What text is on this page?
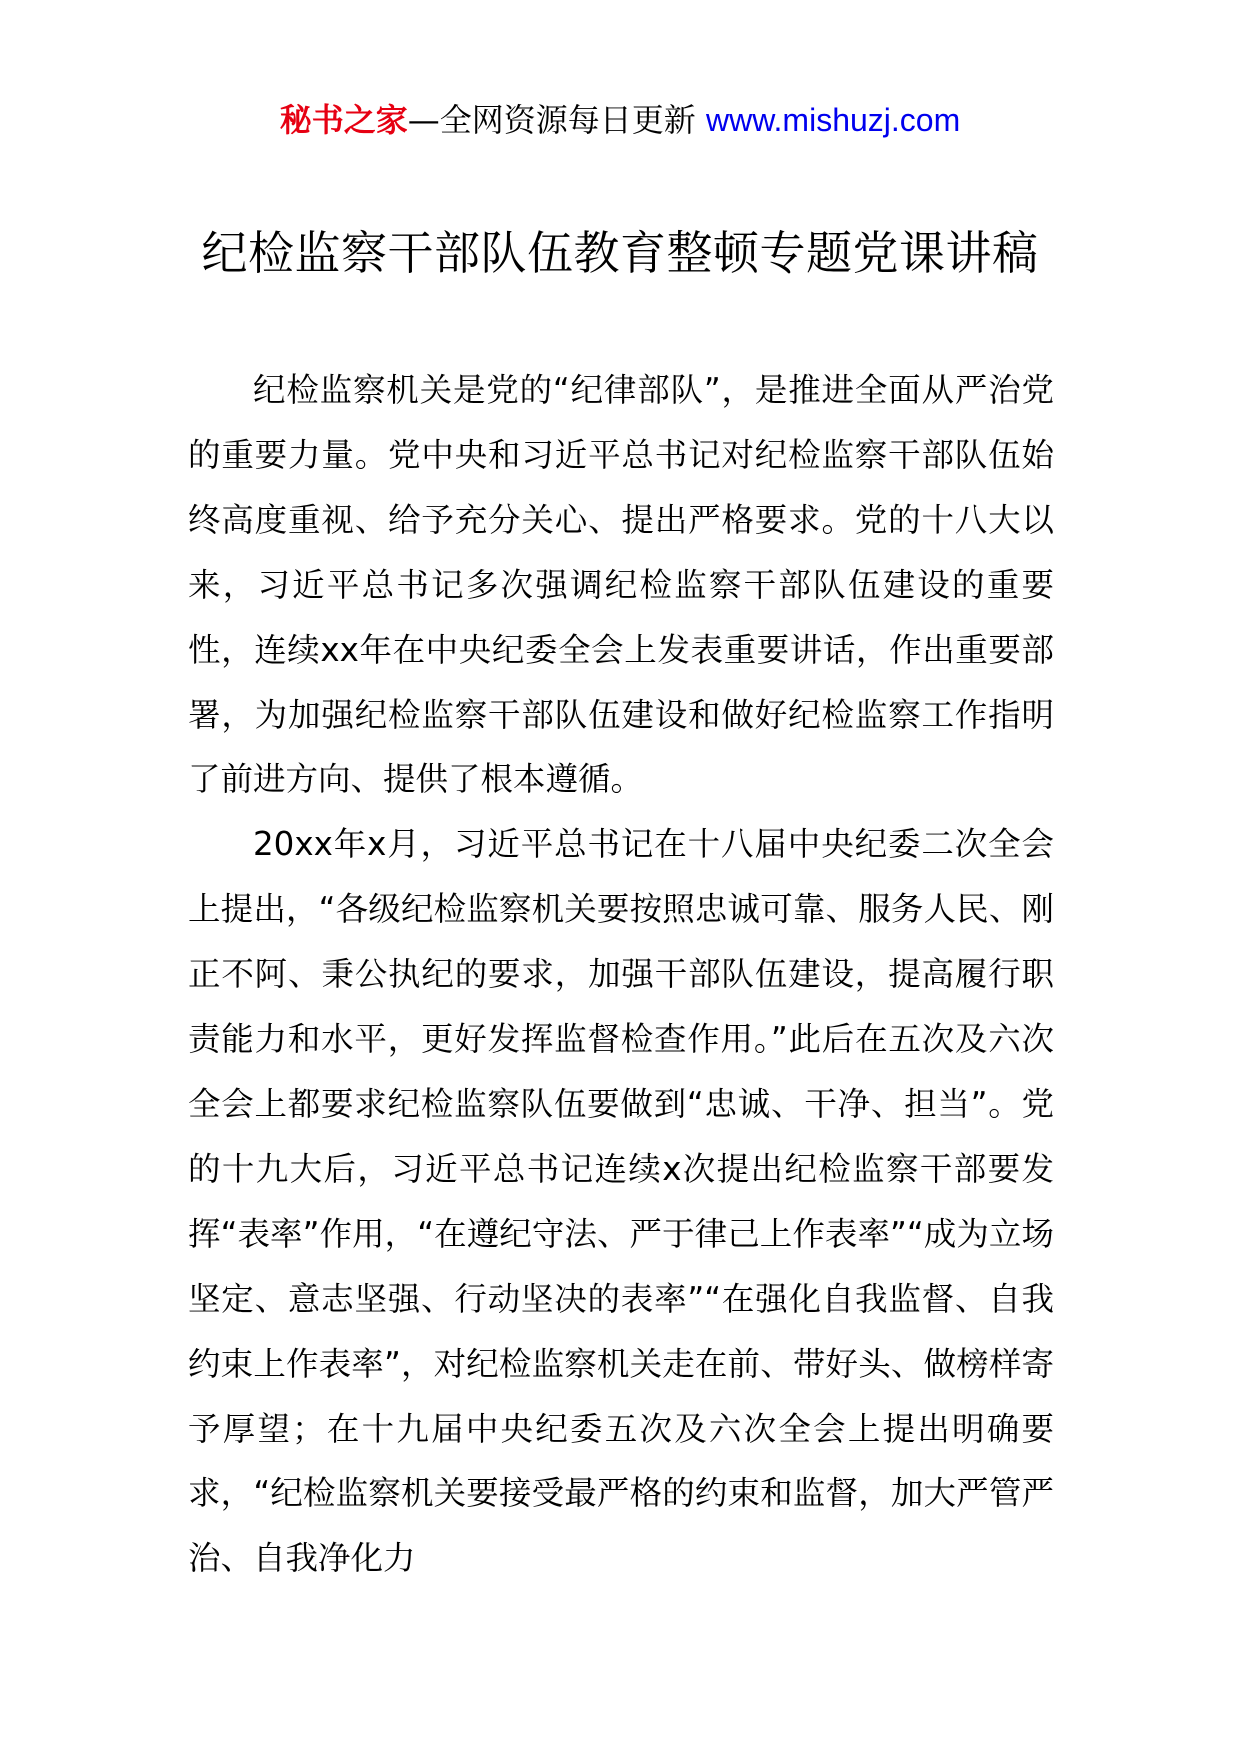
秘书之家—全网资源每日更新 www.mishuzj.com
纪检监察干部队伍教育整顿专题党课讲稿

纪检监察机关是党的“纪律部队”，是推进全面从严治党的重要力量。党中央和习近平总书记对纪检监察干部队伍始终高度重视、给予充分关心、提出严格要求。党的十八大以来，习近平总书记多次强调纪检监察干部队伍建设的重要性，连续xx年在中央纪委全会上发表重要讲话，作出重要部署，为加强纪检监察干部队伍建设和做好纪检监察工作指明了前进方向、提供了根本遵循。

20xx年x月，习近平总书记在十八届中央纪委二次全会上提出，“各级纪检监察机关要按照忠诚可靠、服务人民、刚正不阿、秉公执纪的要求，加强干部队伍建设，提高履行职责能力和水平，更好发挥监督检查作用。”此后在五次及六次全会上都要求纪检监察队伍要做到“忠诚、干净、担当”。党的十九大后，习近平总书记连续x次提出纪检监察干部要发挥“表率”作用，“在遵纪守法、严于律己上作表率”“成为立场坚定、意志坚强、行动坚决的表率”“在强化自我监督、自我约束上作表率”，对纪检监察机关走在前、带好头、做榜样寄予厚望；在十九届中央纪委五次及六次全会上提出明确要求，“纪检监察机关要接受最严格的约束和监督，加大严管严治、自我净化力
